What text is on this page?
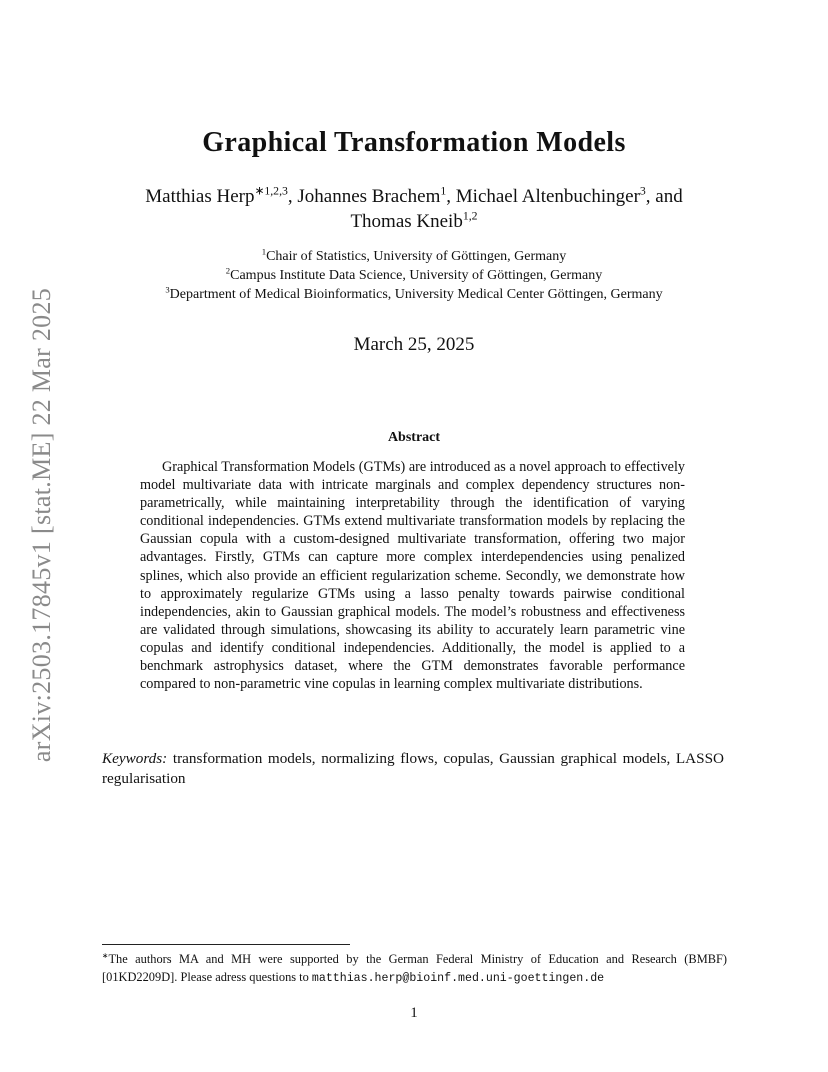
arXiv:2503.17845v1 [stat.ME] 22 Mar 2025
Graphical Transformation Models
Matthias Herp$^{∗1,2,3}$, Johannes Brachem$^1$, Michael Altenbuchinger$^3$, and
Thomas Kneib$^{1,2}$
$^1$Chair of Statistics, University of Göttingen, Germany
$^2$Campus Institute Data Science, University of Göttingen, Germany
$^3$Department of Medical Bioinformatics, University Medical Center Göttingen, Germany
March 25, 2025
Abstract
Graphical Transformation Models (GTMs) are introduced as a novel approach to effectively model multivariate data with intricate marginals and complex dependency structures non-parametrically, while maintaining interpretability through the identification of varying conditional independencies. GTMs extend multivariate transformation models by replacing the Gaussian copula with a custom-designed multivariate transformation, offering two major advantages. Firstly, GTMs can capture more complex interdependencies using penalized splines, which also provide an efficient regularization scheme. Secondly, we demonstrate how to approximately regularize GTMs using a lasso penalty towards pairwise conditional independencies, akin to Gaussian graphical models. The model’s robustness and effectiveness are validated through simulations, showcasing its ability to accurately learn parametric vine copulas and identify conditional independencies. Additionally, the model is applied to a benchmark astrophysics dataset, where the GTM demonstrates favorable performance compared to non-parametric vine copulas in learning complex multivariate distributions.
Keywords: transformation models, normalizing flows, copulas, Gaussian graphical models, LASSO regularisation
∗The authors MA and MH were supported by the German Federal Ministry of Education and Research (BMBF) [01KD2209D]. Please adress questions to matthias.herp@bioinf.med.uni-goettingen.de
1
